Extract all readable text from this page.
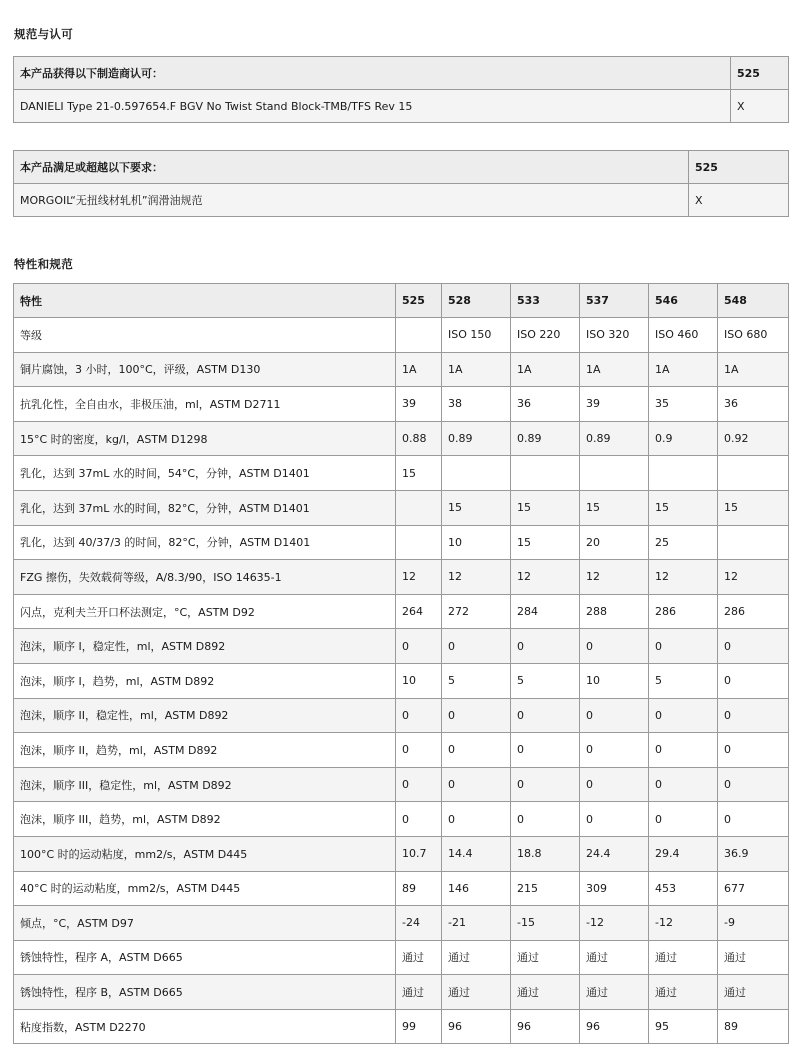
规范与认可
本产品获得以下制造商认可：	525
DANIELI Type 21-0.597654.F BGV No Twist Stand Block-TMB/TFS Rev 15	X
本产品满足或超越以下要求：	525
MORGOIL“无扭线材轧机”润滑油规范	X
特性和规范
特性	525	528	533	537	546	548
等级		ISO 150	ISO 220	ISO 320	ISO 460	ISO 680
铜片腐蚀，3 小时，100°C，评级，ASTM D130	1A	1A	1A	1A	1A	1A
抗乳化性，全自由水，非极压油，ml，ASTM D2711	39	38	36	39	35	36
15°C 时的密度，kg/l，ASTM D1298	0.88	0.89	0.89	0.89	0.9	0.92
乳化，达到 37mL 水的时间，54°C，分钟，ASTM D1401	15					
乳化，达到 37mL 水的时间，82°C，分钟，ASTM D1401		15	15	15	15	15
乳化，达到 40/37/3 的时间，82°C，分钟，ASTM D1401		10	15	20	25	
FZG 擦伤，失效载荷等级，A/8.3/90，ISO 14635-1	12	12	12	12	12	12
闪点，克利夫兰开口杯法测定，°C，ASTM D92	264	272	284	288	286	286
泡沫，顺序 I，稳定性，ml，ASTM D892	0	0	0	0	0	0
泡沫，顺序 I，趋势，ml，ASTM D892	10	5	5	10	5	0
泡沫，顺序 II，稳定性，ml，ASTM D892	0	0	0	0	0	0
泡沫，顺序 II，趋势，ml，ASTM D892	0	0	0	0	0	0
泡沫，顺序 III，稳定性，ml，ASTM D892	0	0	0	0	0	0
泡沫，顺序 III，趋势，ml，ASTM D892	0	0	0	0	0	0
100°C 时的运动粘度，mm2/s，ASTM D445	10.7	14.4	18.8	24.4	29.4	36.9
40°C 时的运动粘度，mm2/s，ASTM D445	89	146	215	309	453	677
倾点，°C，ASTM D97	-24	-21	-15	-12	-12	-9
锈蚀特性，程序 A，ASTM D665	通过	通过	通过	通过	通过	通过
锈蚀特性，程序 B，ASTM D665	通过	通过	通过	通过	通过	通过
粘度指数，ASTM D2270	99	96	96	96	95	89
